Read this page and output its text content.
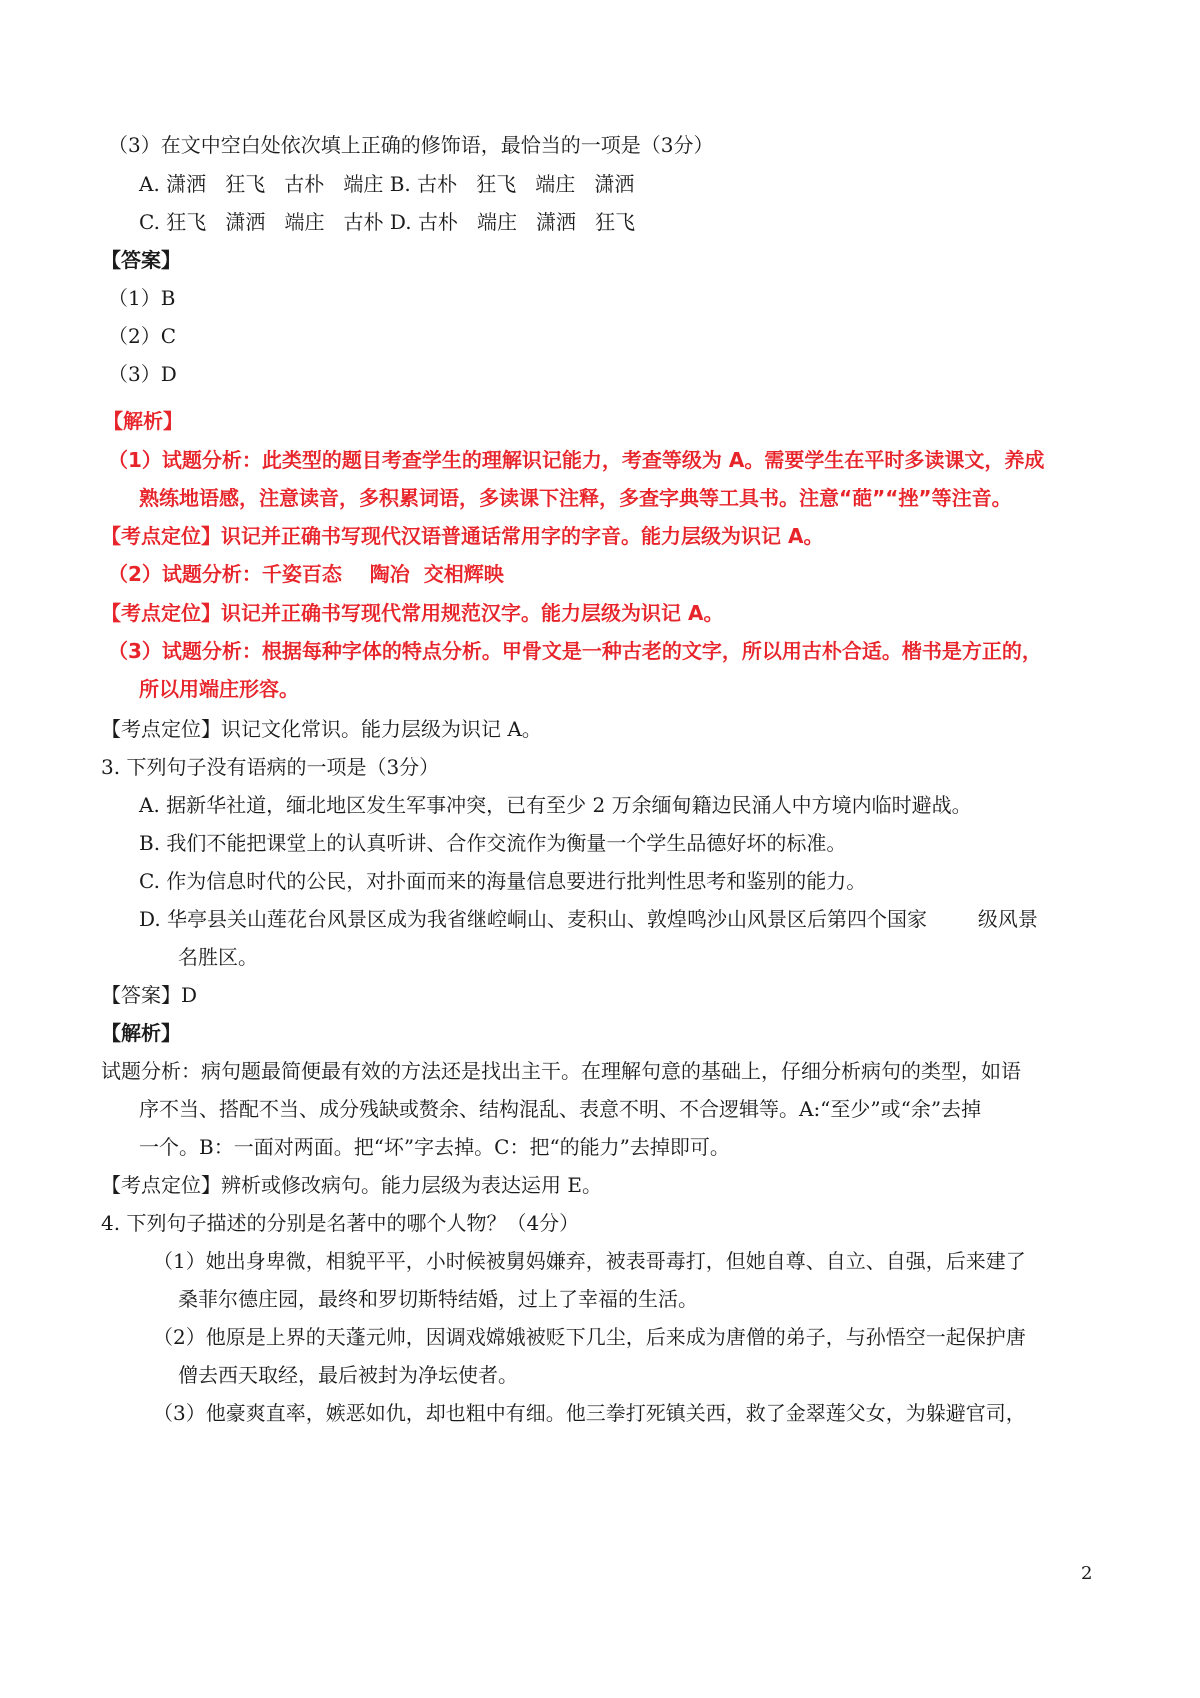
（3）在文中空白处依次填上正确的修饰语，最恰当的一项是（3分）
A. 潇洒   狂飞   古朴   端庄 B. 古朴   狂飞   端庄   潇洒
C. 狂飞   潇洒   端庄   古朴 D. 古朴   端庄   潇洒   狂飞
【答案】
（1）B
（2）C
（3）D
【解析】
（1）试题分析：此类型的题目考查学生的理解识记能力，考查等级为 A。需要学生在平时多读课文，养成
熟练地语感，注意读音，多积累词语，多读课下注释，多查字典等工具书。注意“葩”“挫”等注音。
【考点定位】识记并正确书写现代汉语普通话常用字的字音。能力层级为识记 A。
（2）试题分析：千姿百态    陶冶  交相辉映
【考点定位】识记并正确书写现代常用规范汉字。能力层级为识记 A。
（3）试题分析：根据每种字体的特点分析。甲骨文是一种古老的文字，所以用古朴合适。楷书是方正的，
所以用端庄形容。
【考点定位】识记文化常识。能力层级为识记 A。
3. 下列句子没有语病的一项是（3分）
A. 据新华社道，缅北地区发生军事冲突，已有至少 2 万余缅甸籍边民涌人中方境内临时避战。
B. 我们不能把课堂上的认真听讲、合作交流作为衡量一个学生品德好坏的标准。
C. 作为信息时代的公民，对扑面而来的海量信息要进行批判性思考和鉴别的能力。
D. 华亭县关山莲花台风景区成为我省继崆峒山、麦积山、敦煌鸣沙山风景区后第四个国家        级风景
名胜区。
【答案】D
【解析】
试题分析：病句题最简便最有效的方法还是找出主干。在理解句意的基础上，仔细分析病句的类型，如语
序不当、搭配不当、成分残缺或赘余、结构混乱、表意不明、不合逻辑等。A:“至少”或“余”去掉
一个。B：一面对两面。把“坏”字去掉。C：把“的能力”去掉即可。
【考点定位】辨析或修改病句。能力层级为表达运用 E。
4. 下列句子描述的分别是名著中的哪个人物？（4分）
（1）她出身卑微，相貌平平，小时候被舅妈嫌弃，被表哥毒打，但她自尊、自立、自强，后来建了
桑菲尔德庄园，最终和罗切斯特结婚，过上了幸福的生活。
（2）他原是上界的天蓬元帅，因调戏嫦娥被贬下几尘，后来成为唐僧的弟子，与孙悟空一起保护唐
僧去西天取经，最后被封为净坛使者。
（3）他豪爽直率，嫉恶如仇，却也粗中有细。他三拳打死镇关西，救了金翠莲父女，为躲避官司，
2
